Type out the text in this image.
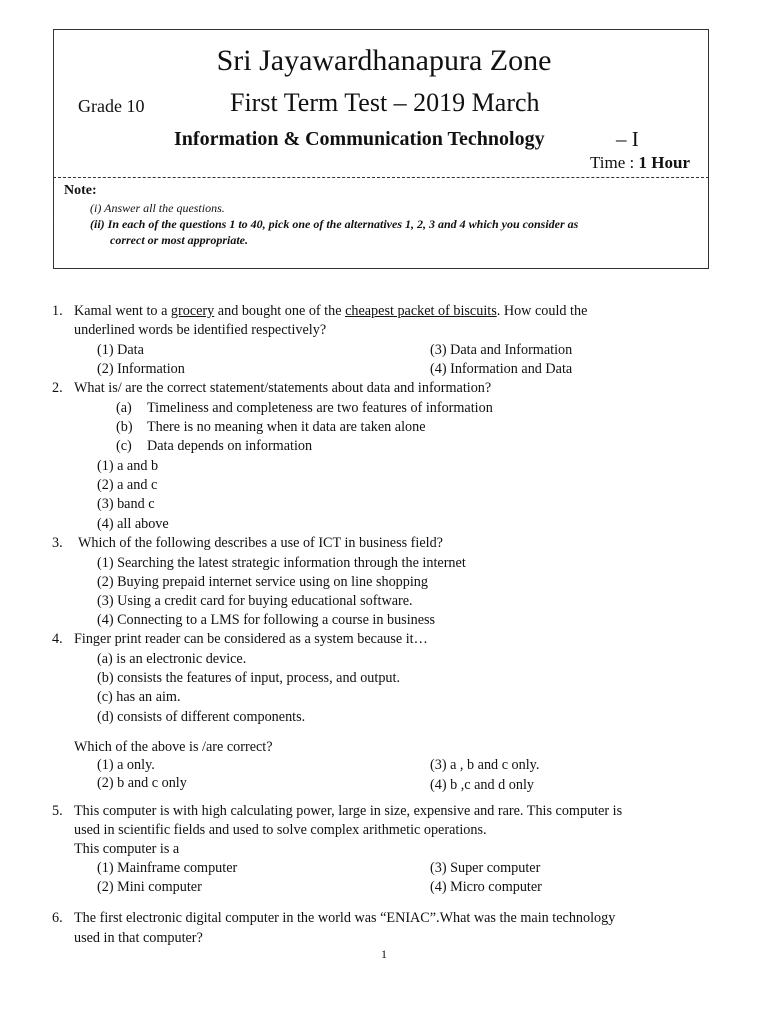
Sri Jayawardhanapura Zone
Grade 10	First Term Test – 2019 March
Information & Communication Technology	– I
Time : 1 Hour
Note:
(i) Answer all the questions.
(ii) In each of the questions 1 to 40, pick one of the alternatives 1, 2, 3 and 4 which you consider as
correct or most appropriate.
1. Kamal went to a grocery and bought one of the cheapest packet of biscuits. How could the
underlined words be identified respectively?
(1) Data	(3) Data and Information
(2) Information	(4) Information and Data
2. What is/ are the correct statement/statements about data and information?
(a) Timeliness and completeness are two features of information
(b) There is no meaning when it data are taken alone
(c) Data depends on information
(1) a and b
(2) a and c
(3) band c
(4) all above
3. Which of the following describes a use of ICT in business field?
(1) Searching the latest strategic information through the internet
(2) Buying prepaid internet service using on line shopping
(3) Using a credit card for buying educational software.
(4) Connecting to a LMS for following a course in business
4. Finger print reader can be considered as a system because it…
(a) is an electronic device.
(b) consists the features of input, process, and output.
(c) has an aim.
(d) consists of different components.
Which of the above is /are correct?
(1) a only.	(3) a , b and c only.
(2) b and c only	(4) b ,c and d only
5. This computer is with high calculating power, large in size, expensive and rare. This computer is
used in scientific fields and used to solve complex arithmetic operations.
This computer is a
(1) Mainframe computer	(3) Super computer
(2) Mini computer	(4) Micro computer
6. The first electronic digital computer in the world was “ENIAC”.What was the main technology
used in that computer?
1
